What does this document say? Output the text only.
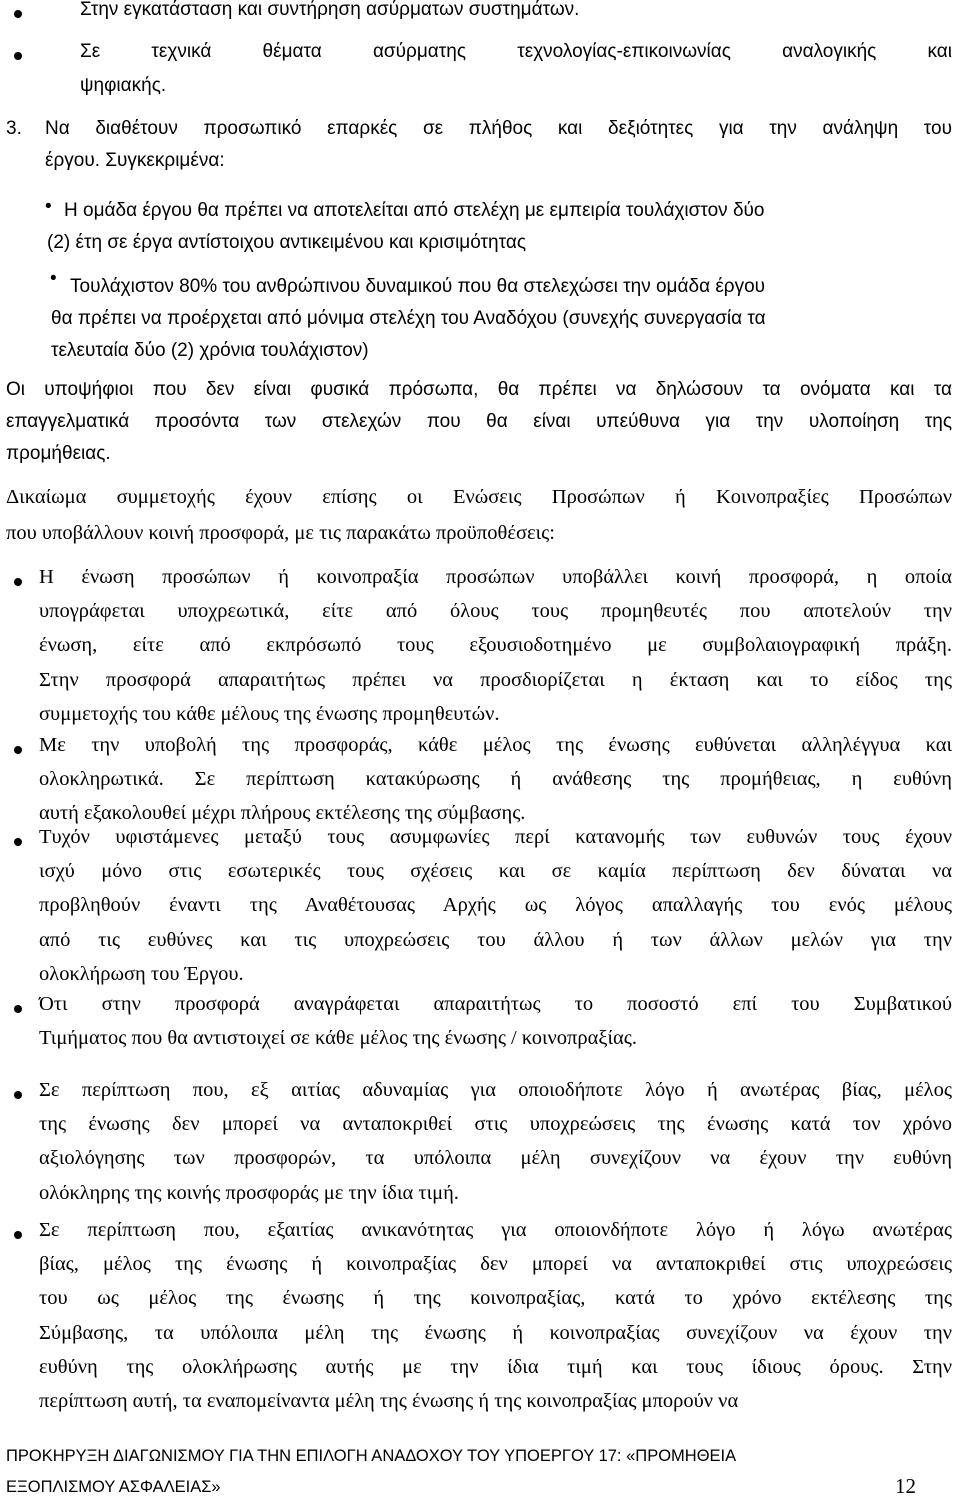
Στην εγκατάσταση και συντήρηση ασύρματων συστημάτων.
Σε τεχνικά θέματα ασύρματης τεχνολογίας-επικοινωνίας αναλογικής και
ψηφιακής.
3. Να διαθέτουν προσωπικό επαρκές σε πλήθος και δεξιότητες για την ανάληψη του
έργου. Συγκεκριμένα:
• Η ομάδα έργου θα πρέπει να αποτελείται από στελέχη με εμπειρία τουλάχιστον δύο
(2) έτη σε έργα αντίστοιχου αντικειμένου και κρισιμότητας
• Τουλάχιστον 80% του ανθρώπινου δυναμικού που θα στελεχώσει την ομάδα έργου
θα πρέπει να προέρχεται από μόνιμα στελέχη του Αναδόχου (συνεχής συνεργασία τα
τελευταία δύο (2) χρόνια τουλάχιστον)
Οι υποψήφιοι που δεν είναι φυσικά πρόσωπα, θα πρέπει να δηλώσουν τα ονόματα και τα
επαγγελματικά προσόντα των στελεχών που θα είναι υπεύθυνα για την υλοποίηση της
προμήθειας.
Δικαίωμα συμμετοχής έχουν επίσης οι Ενώσεις Προσώπων ή Κοινοπραξίες Προσώπων
που υποβάλλουν κοινή προσφορά, με τις παρακάτω προϋποθέσεις:
Η ένωση προσώπων ή κοινοπραξία προσώπων υποβάλλει κοινή προσφορά, η οποία
υπογράφεται υποχρεωτικά, είτε από όλους τους προμηθευτές που αποτελούν την
ένωση, είτε από εκπρόσωπό τους εξουσιοδοτημένο με συμβολαιογραφική πράξη.
Στην προσφορά απαραιτήτως πρέπει να προσδιορίζεται η έκταση και το είδος της
συμμετοχής του κάθε μέλους της ένωσης προμηθευτών.
Με την υποβολή της προσφοράς, κάθε μέλος της ένωσης ευθύνεται αλληλέγγυα και
ολοκληρωτικά. Σε περίπτωση κατακύρωσης ή ανάθεσης της προμήθειας, η ευθύνη
αυτή εξακολουθεί μέχρι πλήρους εκτέλεσης της σύμβασης.
Τυχόν υφιστάμενες μεταξύ τους ασυμφωνίες περί κατανομής των ευθυνών τους έχουν
ισχύ μόνο στις εσωτερικές τους σχέσεις και σε καμία περίπτωση δεν δύναται να
προβληθούν έναντι της Αναθέτουσας Αρχής ως λόγος απαλλαγής του ενός μέλους
από τις ευθύνες και τις υποχρεώσεις του άλλου ή των άλλων μελών για την
ολοκλήρωση του Έργου.
Ότι στην προσφορά αναγράφεται απαραιτήτως το ποσοστό επί του Συμβατικού
Τιμήματος που θα αντιστοιχεί σε κάθε μέλος της ένωσης / κοινοπραξίας.
Σε περίπτωση που, εξ αιτίας αδυναμίας για οποιοδήποτε λόγο ή ανωτέρας βίας, μέλος
της ένωσης δεν μπορεί να ανταποκριθεί στις υποχρεώσεις της ένωσης κατά τον χρόνο
αξιολόγησης των προσφορών, τα υπόλοιπα μέλη συνεχίζουν να έχουν την ευθύνη
ολόκληρης της κοινής προσφοράς με την ίδια τιμή.
Σε περίπτωση που, εξαιτίας ανικανότητας για οποιονδήποτε λόγο ή λόγω ανωτέρας
βίας, μέλος της ένωσης ή κοινοπραξίας δεν μπορεί να ανταποκριθεί στις υποχρεώσεις
του ως μέλος της ένωσης ή της κοινοπραξίας, κατά το χρόνο εκτέλεσης της
Σύμβασης, τα υπόλοιπα μέλη της ένωσης ή κοινοπραξίας συνεχίζουν να έχουν την
ευθύνη της ολοκλήρωσης αυτής με την ίδια τιμή και τους ίδιους όρους. Στην
περίπτωση αυτή, τα εναπομείναντα μέλη της ένωσης ή της κοινοπραξίας μπορούν να
ΠΡΟΚΗΡΥΞΗ ΔΙΑΓΩΝΙΣΜΟΥ ΓΙΑ ΤΗΝ ΕΠΙΛΟΓΗ ΑΝΑΔΟΧΟΥ ΤΟΥ ΥΠΟΕΡΓΟΥ 17: «ΠΡΟΜΗΘΕΙΑ
ΕΞΟΠΛΙΣΜΟΥ ΑΣΦΑΛΕΙΑΣ»	12
